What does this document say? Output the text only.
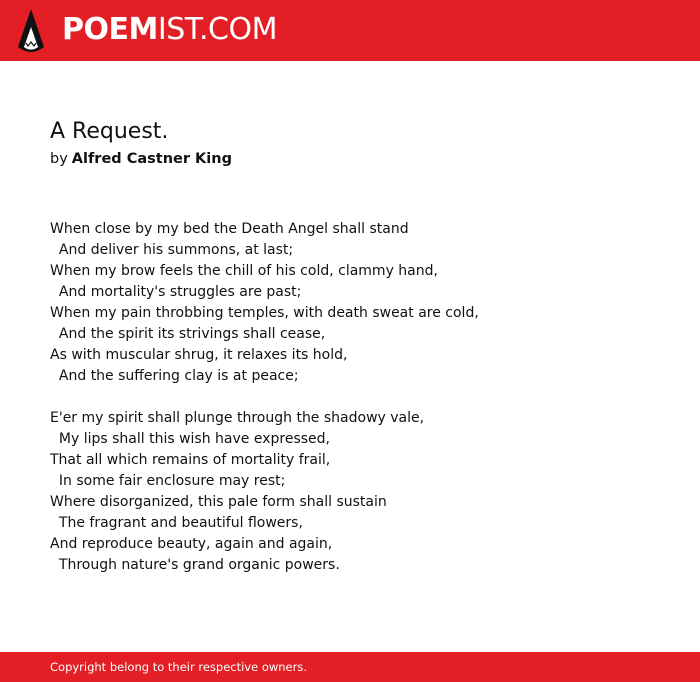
POEMIST.COM
A Request.
by Alfred Castner King
When close by my bed the Death Angel shall stand
And deliver his summons, at last;
When my brow feels the chill of his cold, clammy hand,
And mortality's struggles are past;
When my pain throbbing temples, with death sweat are cold,
And the spirit its strivings shall cease,
As with muscular shrug, it relaxes its hold,
And the suffering clay is at peace;
E'er my spirit shall plunge through the shadowy vale,
My lips shall this wish have expressed,
That all which remains of mortality frail,
In some fair enclosure may rest;
Where disorganized, this pale form shall sustain
The fragrant and beautiful flowers,
And reproduce beauty, again and again,
Through nature's grand organic powers.
Copyright belong to their respective owners.
